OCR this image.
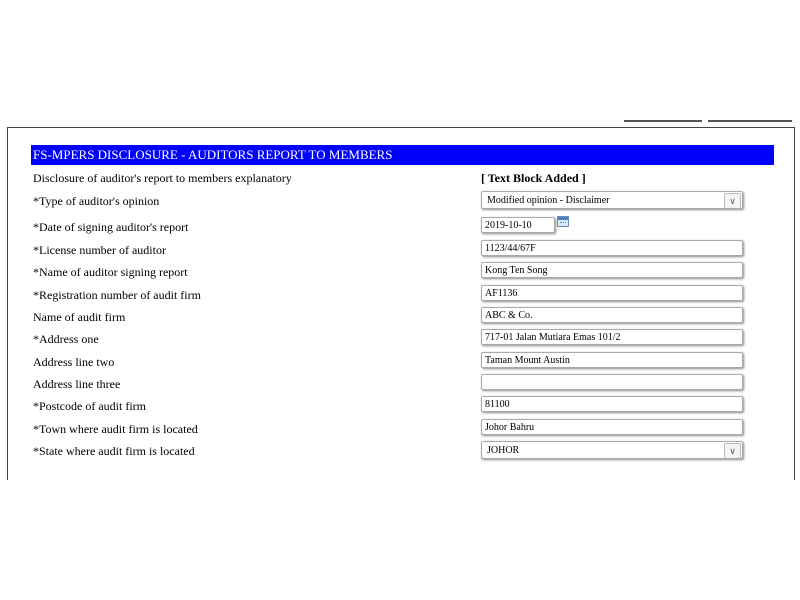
FS-MPERS DISCLOSURE - AUDITORS REPORT TO MEMBERS
Disclosure of auditor's report to members explanatory	[ Text Block Added ]
*Type of auditor's opinion	Modified opinion - Disclaimer	∨
*Date of signing auditor's report	2019-10-10
*License number of auditor	1123/44/67F
*Name of auditor signing report	Kong Ten Song
*Registration number of audit firm	AF1136
Name of audit firm	ABC & Co.
*Address one	717-01 Jalan Mutiara Emas 101/2
Address line two	Taman Mount Austin
Address line three
*Postcode of audit firm	81100
*Town where audit firm is located	Johor Bahru
*State where audit firm is located	JOHOR	∨
